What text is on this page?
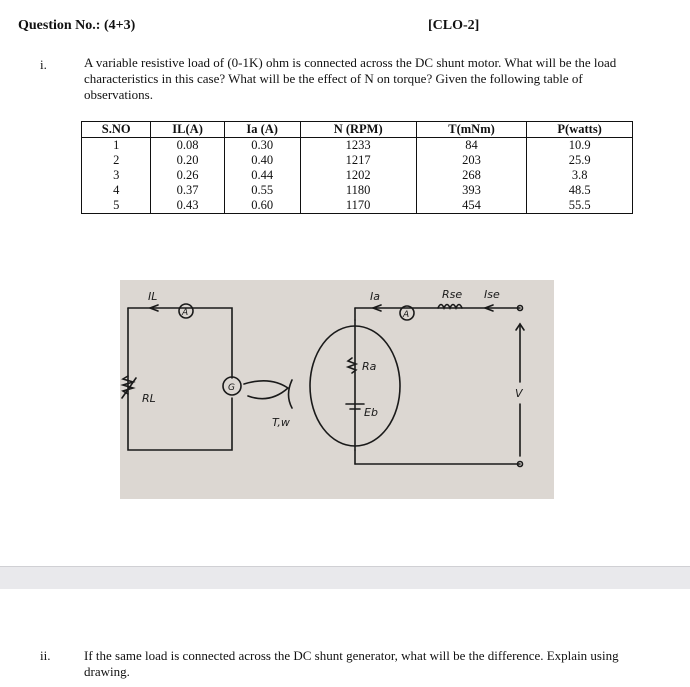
Question No.: (4+3)	[CLO-2]
i.	A variable resistive load of (0-1K) ohm is connected across the DC shunt motor. What will be the load characteristics in this case? What will be the effect of N on torque? Given the following table of observations.
S.NO	IL(A)	Ia (A)	N (RPM)	T(mNm)	P(watts)
1	0.08	0.30	1233	84	10.9
2	0.20	0.40	1217	203	25.9
3	0.26	0.44	1202	268	3.8
4	0.37	0.55	1180	393	48.5
5	0.43	0.60	1170	454	55.5
IL
A
RL
G
T,w
Ia
A
Ra
Eb
Rse Ise
V
ii.	If the same load is connected across the DC shunt generator, what will be the difference. Explain using drawing.
